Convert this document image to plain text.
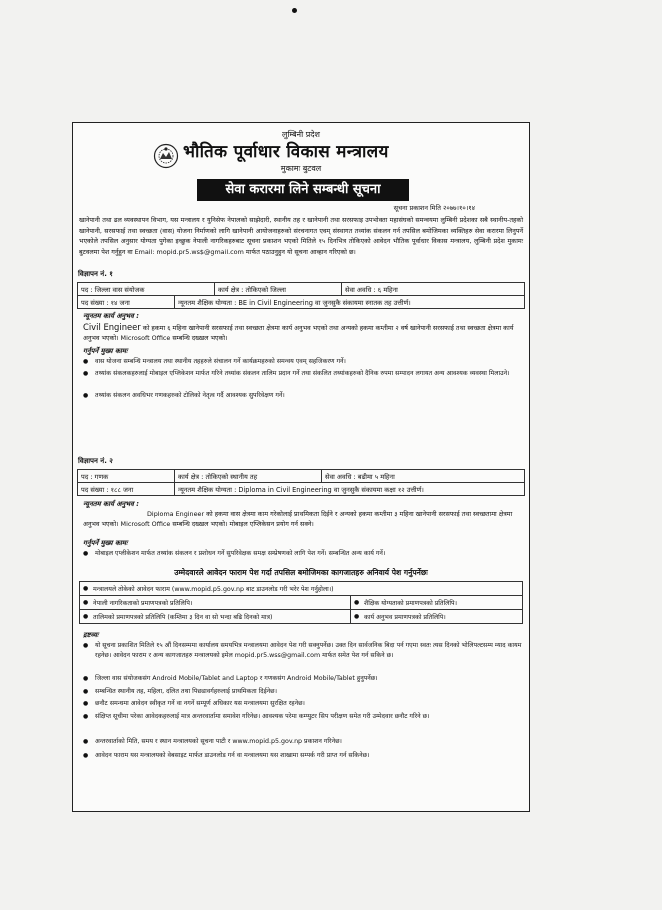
लुम्बिनी प्रदेश
भौतिक पूर्वाधार विकास मन्त्रालय
मुकामः बुटवल
सेवा करारमा लिने सम्बन्धी सूचना
सूचना प्रकाशन मिति २०७७।१०।१४
खानेपानी तथा ढल व्यवस्थापन विभाग, यस मन्त्रालय र युनिसेफ नेपालको साझेदारी, स्थानीय तह र खानेपानी तथा सरसफाइ उपभोक्ता महासंघको समन्वयमा लुम्बिनी प्रदेशका सबै स्थानीय-तहको खानेपानी, सरसफाई तथा स्वच्छता (वास) योजना निर्माणको लागि खानेपानी आयोजनाहरुको संरचनागत एवम् संस्थागत तथ्यांक संकलन गर्न तपसिल बमोजिमका व्यक्तिहरु सेवा करारमा लिनुपर्ने भएकोले तपसिल अनुसार योग्यता पुगेका इच्छुक नेपाली नागरिकहरुबाट सूचना प्रकाशन भएको मितिले १५ दिनभित्र तोकिएको आवेदन भौतिक पूर्वाधार विकास मन्त्रालय, लुम्बिनी प्रदेश मुकामः बुटवलमा पेश गर्नुहुन वा Email: mopid.pr5.ws$@gmail.com मार्फत पठाउनुहुन यो सूचना आव्हान गरिएको छ।
विज्ञापन नं. १
पद : जिल्ला वास संयोजक	कार्य क्षेत्र : तोकिएको जिल्ला	सेवा अवधि : ६ महिना
पद संख्या : १४ जना	न्यूनतम शैक्षिक योग्यता : BE in Civil Engineering वा जुनसुकै संकायमा स्नातक तह उत्तीर्ण।
न्यूनतम कार्य अनुभव :
Civil Engineer को हकमा ६ महिना खानेपानी सरसफाई तथा स्वच्छता क्षेत्रमा कार्य अनुभव भएको तथा अन्यको हकमा कम्तीमा २ वर्ष खानेपानी सरसफाई तथा स्वच्छता क्षेत्रमा कार्य अनुभव भएको। Microsoft Office सम्बन्धि दख्खल भएको।
गर्नुपर्ने मुख्य कामः
● वास योजना सम्बन्धि मन्त्रालय तथा स्थानीय तहहरुले संचालन गर्ने कार्यक्रमहरुको समन्वय एवम् सहजिकरण गर्ने।
● तथ्यांक संकलकहरुलाई मोबाइल एप्लिकेशन मार्फत गरिने तथ्यांक संकलन तालिम प्रदान गर्ने तथा संकलित तथ्यांकहरुको दैनिक रुपमा सम्पादन लगायत अन्य आवश्यक व्यवस्था मिलाउने।
● तथ्यांक संकलन अवधिभर गणकहरुको टोलिको नेतृत्व गर्दै आवश्यक सुपरिवेक्षण गर्ने।
विज्ञापन नं. २
पद : गणक	कार्य क्षेत्र : तोकिएको स्थानीय तह	सेवा अवधि : बढीमा ५ महिना
पद संख्या : १८८ जना	न्यूनतम शैक्षिक योग्यता : Diploma in Civil Engineering वा जुनसुकै संकायमा कक्षा १२ उत्तीर्ण।
न्यूनतम कार्य अनुभव :
Diploma Engineer को हकमा वास क्षेत्रमा काम गरेकोलाई प्राथमिकता दिईने र अन्यको हकमा कम्तीमा ३ महिना खानेपानी सरसफाई तथा स्वच्छतामा क्षेत्रमा अनुभव भएको। Microsoft Office सम्बन्धि दख्खल भएको। मोबाइल एप्लिकेसन प्रयोग गर्न सक्ने।
गर्नुपर्ने मुख्य कामः
● मोबाइल एप्लीकेशन मार्फत तथ्यांक संकलन र प्रशोधन गर्ने सुपरिवेक्षक समक्ष सम्प्रेषणको लागि पेश गर्ने। सम्बन्धित अन्य कार्य गर्ने।
उम्मेदवारले आवेदन फाराम पेश गर्दा तपसिल बमोजिमका कागजातहरु अनिवार्य पेश गर्नुपर्नेछः
● मन्त्रालयले तोकेको आवेदन फाराम (www.mopid.p5.gov.np बाट डाउनलोड गरी भरेर पेश गर्नुहोला।)
● नेपाली नागरिकताको प्रमाणपत्रको प्रतिलिपि।	● शैक्षिक योग्यताको प्रमाणपत्रको प्रतिलिपि।
● तालिमको प्रमाणपत्रको प्रतिलिपि (कम्तिमा ३ दिन वा सो भन्दा बढि दिनको मात्र)	● कार्य अनुभव प्रमाणपत्रको प्रतिलिपि।
द्रष्टव्यः
● यो सूचना प्रकाशित मितिले १५ औं दिनसम्ममा कार्यालय समयभित्र मन्त्रालयमा आवेदन पेश गरी सक्नुपर्नेछ। उक्त दिन सार्वजनिक बिदा पर्न गएमा स्वतः त्यस दिनको भोलिपल्टसम्म म्याद कायम रहनेछ। आवेदन फाराम र अन्य कागजातहरु मन्त्रालयको इमेल mopid.pr5.wss@gmail.com मार्फत समेत पेश गर्न सकिने छ।
● जिल्ला वास संयोजकसंग Android Mobile/Tablet and Laptop र गणकसंग Android Mobile/Tablet हुनुपर्नेछ।
● सम्बन्धित स्थानीय तह, महिला, दलित तथा पिछडावर्गहरुलाई प्राथमिकता दिईनेछ।
● छनौट समन्धमा आवेदन स्वीकृत गर्ने वा नगर्ने सम्पूर्ण अधिकार यस मन्त्रालयमा सुरक्षित रहनेछ।
● संक्षिप्त सूचीमा परेका आवेदकहरुलाई मात्र अन्तरवार्तामा समावेश गरिनेछ। आवश्यक परेमा कम्प्युटर सिप परीक्षण समेत गरी उम्मेदवार छनौट गरिने छ।
● अन्तरवार्ताको मिति, समय र स्थान मन्त्रालयको सूचना पाटी र www.mopid.p5.gov.np प्रकाशन गरिनेछ।
● आवेदन फाराम यस मन्त्रालयको वेबसाइट मार्फत डाउनलोड गर्न वा मन्त्रालयमा यस शाखामा सम्पर्क गरी प्राप्त गर्न सकिनेछ।
